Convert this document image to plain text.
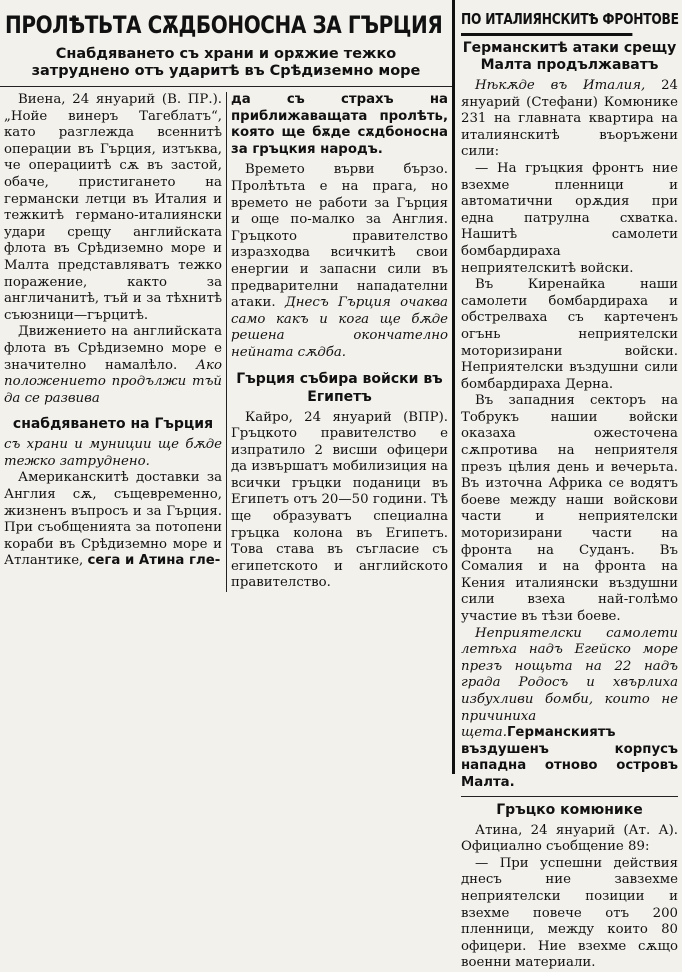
ПРОЛѢТЬТА СѪДБОНОСНА ЗА ГЪРЦИЯ
Снабдяването съ храни и орѫжие тежко затруднено отъ ударитѣ въ Срѣдиземно море

Виена, 24 януарий (В. ПР.). „Нойе винеръ Тагеблатъ“, като разглежда всеннитѣ операции въ Гърция, изтъква, че операциитѣ сѫ въ застой, обаче, пристигането на германски летци въ Италия и тежкитѣ германо-италиянски удари срещу английската флота въ Срѣдиземно море и Малта представляватъ тежко поражение, както за англичанитѣ, тъй и за тѣхнитѣ съюзници—гърцитѣ.

Движението на английската флота въ Срѣдиземно море е значително намалѣло. Ако положението продължи тъй да се развива

снабдяването на Гърция

съ храни и муниции ще бѫде тежко затруднено.

Американскитѣ доставки за Англия сѫ, същевременно, жизненъ въпросъ и за Гърция. При съобщенията за потопени кораби въ Срѣдиземно море и Атлантике, сега и Атина гле-

да съ страхъ на приближаващата пролѣть, която ще бѫде сѫдбоносна за гръцкия народъ.

Времето върви бързо. Пролѣтьта е на прага, но времето не работи за Гърция и още по-малко за Англия. Гръцкото правителство изразходва всичкитѣ свои енергии и запасни сили въ предварителни нападателни атаки. Днесъ Гърция очаква само какъ и кога ще бѫде решена окончателно нейната сѫдба.

Гърция събира войски въ Египетъ

Кайро, 24 януарий (ВПР). Гръцкото правителство е изпратило 2 висши офицери да извършатъ мобилизиция на всички гръцки поданици въ Египетъ отъ 20—50 години. Тѣ ще образуватъ специална гръцка колона въ Египетъ. Това става въ съгласие съ египетското и английското правителство.

ПО ИТАЛИЯНСКИТѢ ФРОНТОВЕ
Германскитѣ атаки срещу Малта продължаватъ

Нѣкѫде въ Италия, 24 януарий (Стефани) Комюнике 231 на главната квартира на италиянскитѣ въоръжени сили:

— На гръцкия фронтъ ние взехме пленници и автоматични орѫдия при една патрулна схватка. Нашитѣ самолети бомбардираха неприятелскитѣ войски.

Въ Киренайка наши самолети бомбардираха и обстрелваха съ картеченъ огънь неприятелски моторизирани войски. Неприятелски въздушни сили бомбардираха Дерна.

Въ западния секторъ на Тобрукъ нашии войски оказаха ожесточена сѫпротива на неприятеля презъ цѣлия день и вечерьта. Въ източна Африка се водятъ боеве между наши войскови части и неприятелски моторизирани части на фронта на Суданъ. Въ Сомалия и на фронта на Кения италиянски въздушни сили взеха най-голѣмо участие въ тѣзи боеве.

Неприятелски самолети летѣха надъ Егейско море презъ нощьта на 22 надъ града Родосъ и хвърлиха избухливи бомби, които не причиниха щета.Германскиятъ въздушенъ корпусъ нападна отново островъ Малта.

Гръцко комюнике

Атина, 24 януарий (Ат. А). Официално съобщение 89:

— При успешни действия днесъ ние завзехме неприятелски позиции и взехме повече отъ 200 пленници, между които 80 офицери. Ние взехме сѫщо военни материали.
